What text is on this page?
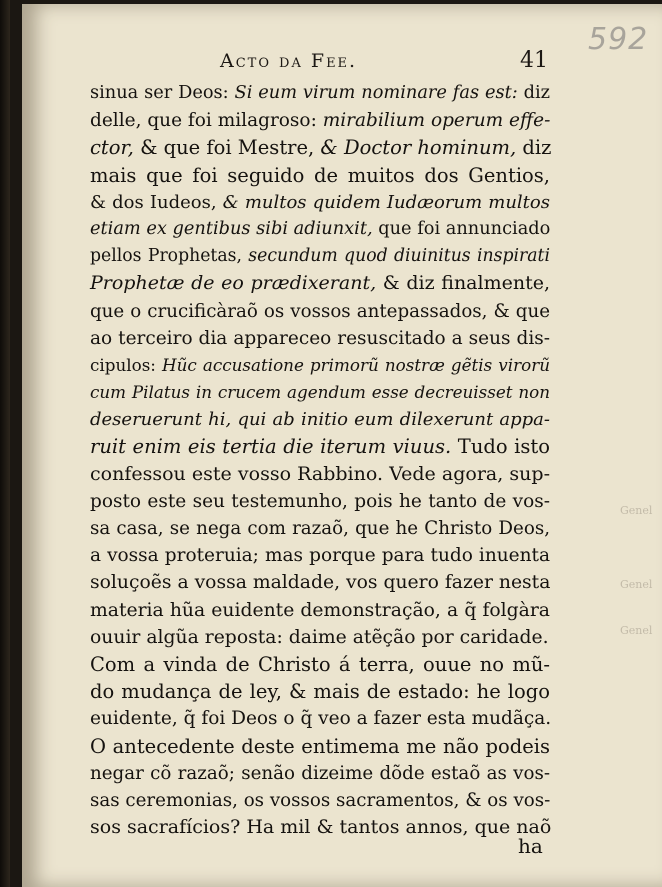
592
Acto da Fee.	41
sinua ser Deos: Si eum virum nominare fas est: diz
delle, que foi milagroso: mirabilium operum effe-
ctor, & que foi Mestre, & Doctor hominum, diz
mais que foi seguido de muitos dos Gentios,
& dos Iudeos, & multos quidem Iudæorum multos
etiam ex gentibus sibi adiunxit, que foi annunciado
pellos Prophetas, secundum quod diuinitus inspirati
Prophetæ de eo prædixerant, & diz finalmente,
que o crucificàraõ os vossos antepassados, & que
ao terceiro dia appareceo resuscitado a seus dis-
cipulos: Hũc accusatione primorũ nostræ gẽtis virorũ
cum Pilatus in crucem agendum esse decreuisset non
deseruerunt hi, qui ab initio eum dilexerunt appa-
ruit enim eis tertia die iterum viuus. Tudo isto
confessou este vosso Rabbino. Vede agora, sup-
posto este seu testemunho, pois he tanto de vos-
sa casa, se nega com razaõ, que he Christo Deos,
a vossa proteruia; mas porque para tudo inuenta
soluçoẽs a vossa maldade, vos quero fazer nesta
materia hũa euidente demonstração, a q̃ folgàra
ouuir algũa reposta: daime atẽção por caridade.
Com a vinda de Christo á terra, ouue no mũ-
do mudança de ley, & mais de estado: he logo
euidente, q̃ foi Deos o q̃ veo a fazer esta mudãça.
O antecedente deste entimema me não podeis
negar cõ razaõ; senão dizeime dõde estaõ as vos-
sas ceremonias, os vossos sacramentos, & os vos-
sos sacrafícios? Ha mil & tantos annos, que naõ
Genel
Genel
Genel
ha
